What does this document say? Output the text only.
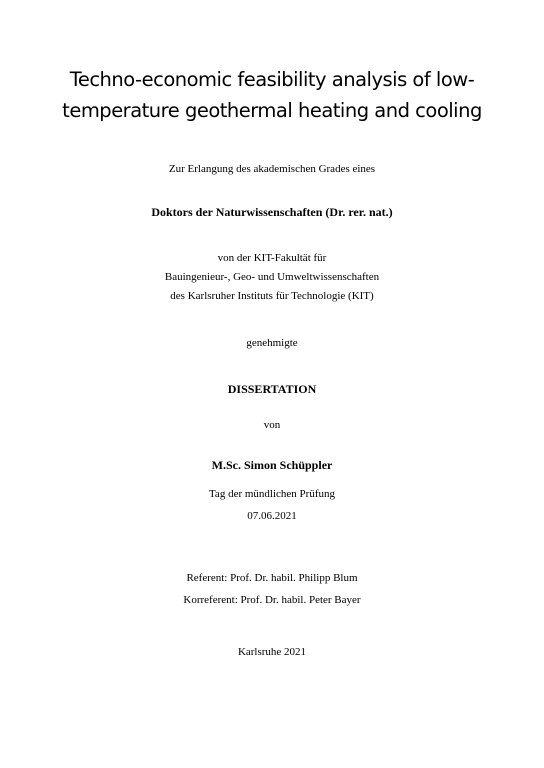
Techno-economic feasibility analysis of low-
temperature geothermal heating and cooling
Zur Erlangung des akademischen Grades eines
Doktors der Naturwissenschaften (Dr. rer. nat.)
von der KIT-Fakultät für
Bauingenieur-, Geo- und Umweltwissenschaften
des Karlsruher Instituts für Technologie (KIT)
genehmigte
DISSERTATION
von
M.Sc. Simon Schüppler
Tag der mündlichen Prüfung
07.06.2021
Referent: Prof. Dr. habil. Philipp Blum
Korreferent: Prof. Dr. habil. Peter Bayer
Karlsruhe 2021
